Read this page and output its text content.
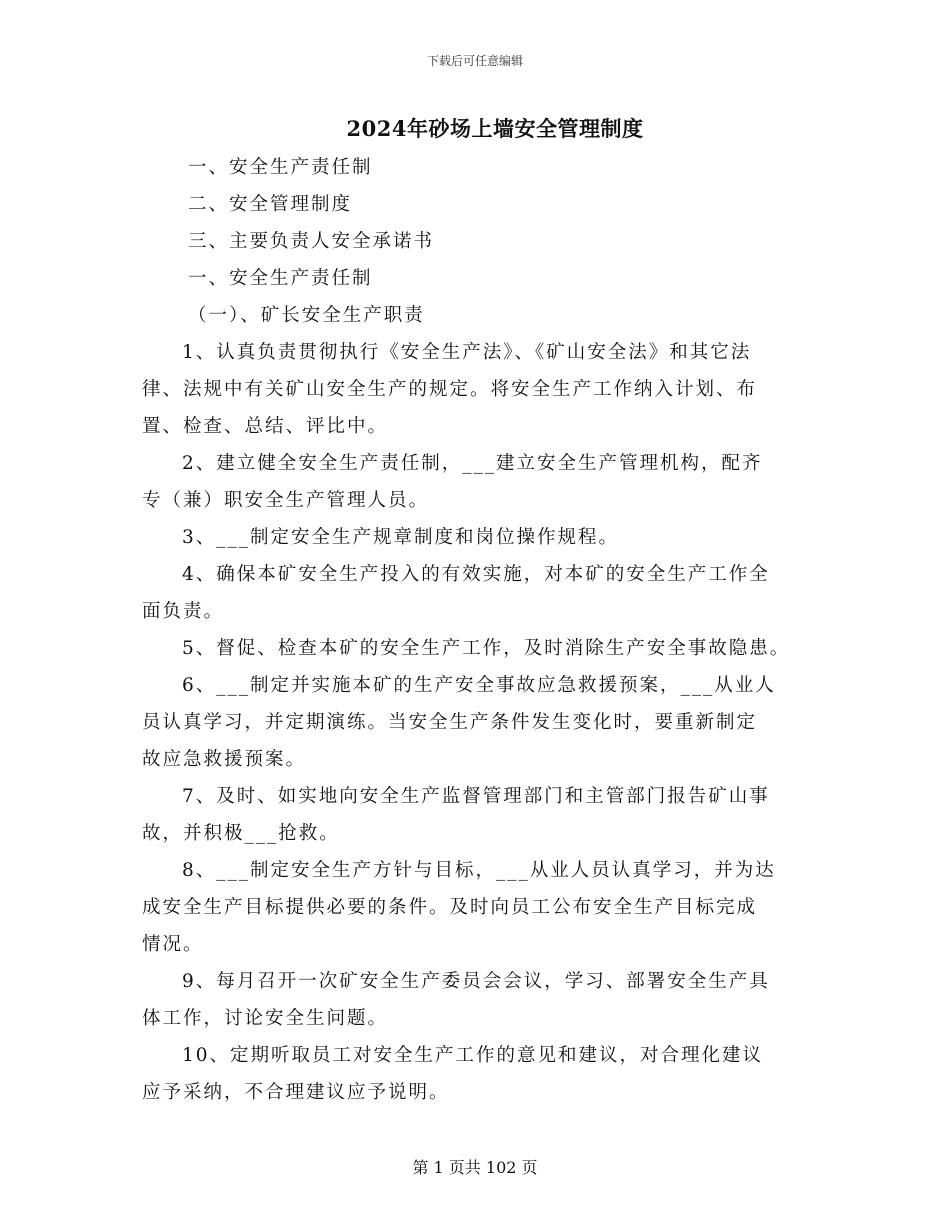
下载后可任意编辑
2024年砂场上墙安全管理制度
一、安全生产责任制
二、安全管理制度
三、主要负责人安全承诺书
一、安全生产责任制
（一）、矿长安全生产职责
1、认真负责贯彻执行《安全生产法》、《矿山安全法》和其它法
律、法规中有关矿山安全生产的规定。将安全生产工作纳入计划、布
置、检查、总结、评比中。
2、建立健全安全生产责任制，___建立安全生产管理机构，配齐
专（兼）职安全生产管理人员。
3、___制定安全生产规章制度和岗位操作规程。
4、确保本矿安全生产投入的有效实施，对本矿的安全生产工作全
面负责。
5、督促、检查本矿的安全生产工作，及时消除生产安全事故隐患。
6、___制定并实施本矿的生产安全事故应急救援预案，___从业人
员认真学习，并定期演练。当安全生产条件发生变化时，要重新制定
故应急救援预案。
7、及时、如实地向安全生产监督管理部门和主管部门报告矿山事
故，并积极___抢救。
8、___制定安全生产方针与目标，___从业人员认真学习，并为达
成安全生产目标提供必要的条件。及时向员工公布安全生产目标完成
情况。
9、每月召开一次矿安全生产委员会会议，学习、部署安全生产具
体工作，讨论安全生问题。
10、定期听取员工对安全生产工作的意见和建议，对合理化建议
应予采纳，不合理建议应予说明。
第 1 页共 102 页
